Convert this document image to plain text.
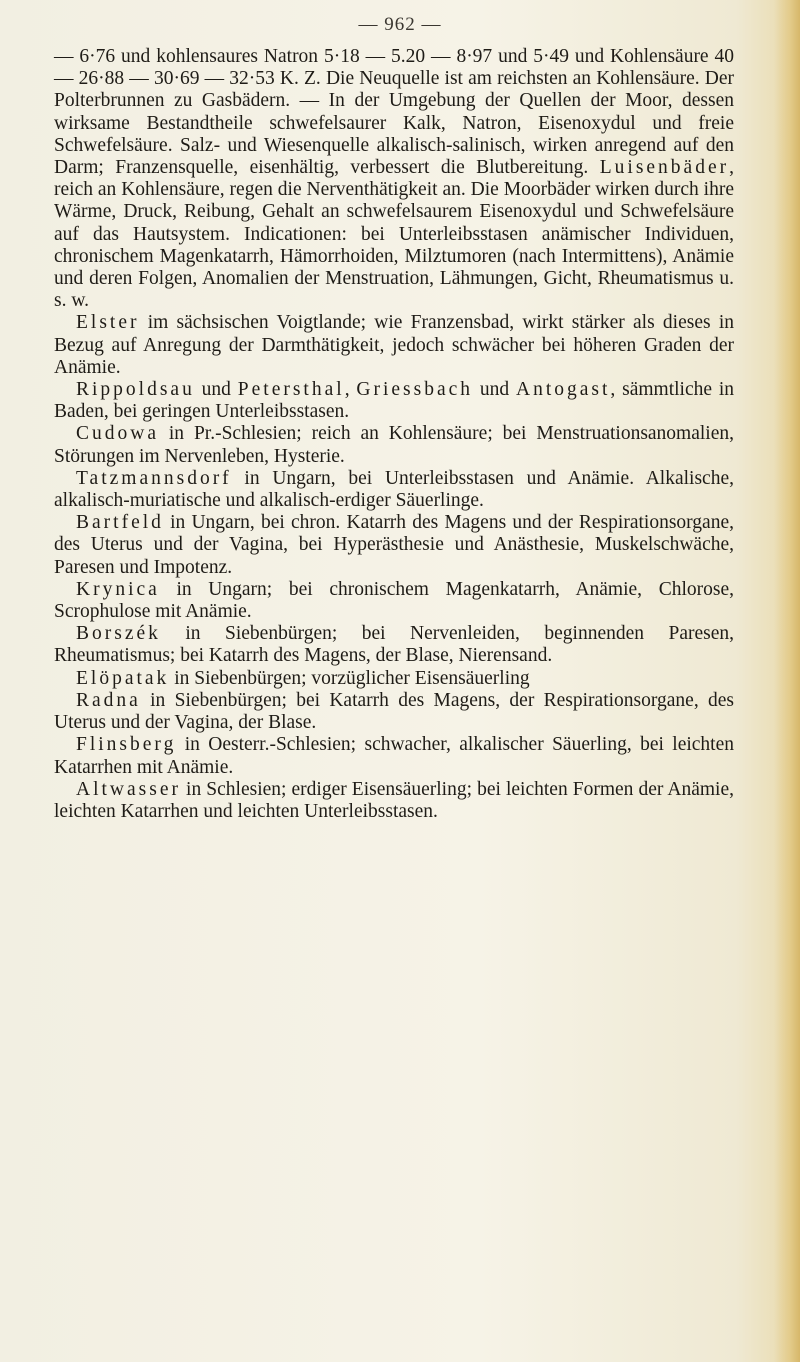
— 962 —

— 6·76 und kohlensaures Natron 5·18 — 5.20 — 8·97 und 5·49 und Kohlensäure 40 — 26·88 — 30·69 — 32·53 K. Z. Die Neuquelle ist am reichsten an Kohlensäure. Der Polterbrunnen zu Gasbädern. — In der Umgebung der Quellen der Moor, dessen wirksame Bestandtheile schwefelsaurer Kalk, Natron, Eisenoxydul und freie Schwefelsäure. Salz- und Wiesenquelle alkalisch-salinisch, wirken anregend auf den Darm; Franzensquelle, eisenhältig, verbessert die Blutbereitung. Luisenbäder, reich an Kohlensäure, regen die Nerventhätigkeit an. Die Moorbäder wirken durch ihre Wärme, Druck, Reibung, Gehalt an schwefelsaurem Eisenoxydul und Schwefelsäure auf das Hautsystem. Indicationen: bei Unterleibsstasen anämischer Individuen, chronischem Magenkatarrh, Hämorrhoiden, Milztumoren (nach Intermittens), Anämie und deren Folgen, Anomalien der Menstruation, Lähmungen, Gicht, Rheumatismus u. s. w.

Elster im sächsischen Voigtlande; wie Franzensbad, wirkt stärker als dieses in Bezug auf Anregung der Darmthätigkeit, jedoch schwächer bei höheren Graden der Anämie.

Rippoldsau und Petersthal, Griessbach und Antogast, sämmtliche in Baden, bei geringen Unterleibsstasen.

Cudowa in Pr.-Schlesien; reich an Kohlensäure; bei Menstruationsanomalien, Störungen im Nervenleben, Hysterie.

Tatzmannsdorf in Ungarn, bei Unterleibsstasen und Anämie. Alkalische, alkalisch-muriatische und alkalisch-erdiger Säuerlinge.

Bartfeld in Ungarn, bei chron. Katarrh des Magens und der Respirationsorgane, des Uterus und der Vagina, bei Hyperästhesie und Anästhesie, Muskelschwäche, Paresen und Impotenz.

Krynica in Ungarn; bei chronischem Magenkatarrh, Anämie, Chlorose, Scrophulose mit Anämie.

Borszék in Siebenbürgen; bei Nervenleiden, beginnenden Paresen, Rheumatismus; bei Katarrh des Magens, der Blase, Nierensand.

Elöpatak in Siebenbürgen; vorzüglicher Eisensäuerling

Radna in Siebenbürgen; bei Katarrh des Magens, der Respirationsorgane, des Uterus und der Vagina, der Blase.

Flinsberg in Oesterr.-Schlesien; schwacher, alkalischer Säuerling, bei leichten Katarrhen mit Anämie.

Altwasser in Schlesien; erdiger Eisensäuerling; bei leichten Formen der Anämie, leichten Katarrhen und leichten Unterleibsstasen.
